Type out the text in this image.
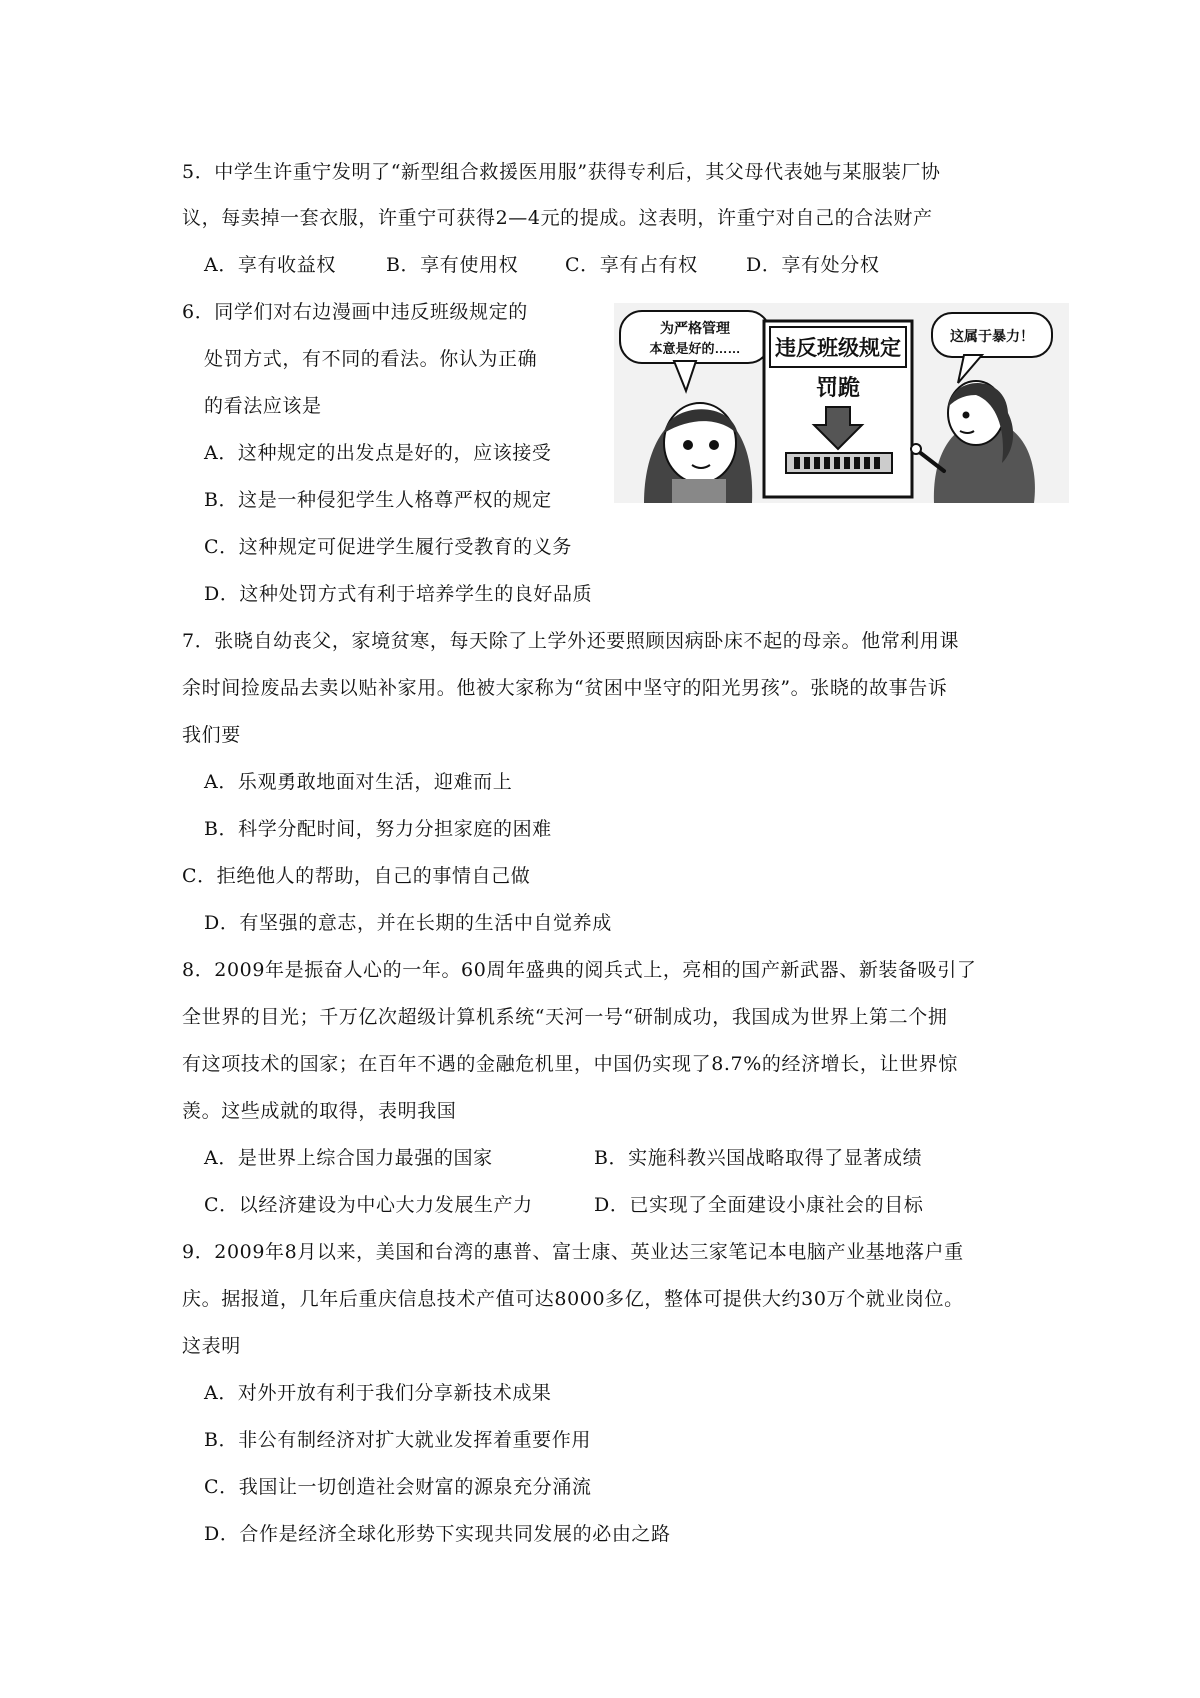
5．中学生许重宁发明了“新型组合救援医用服”获得专利后，其父母代表她与某服装厂协
议，每卖掉一套衣服，许重宁可获得2—4元的提成。这表明，许重宁对自己的合法财产
A．享有收益权	B．享有使用权 C．享有占有权	D．享有处分权
6．同学们对右边漫画中违反班级规定的
处罚方式，有不同的看法。你认为正确
的看法应该是
A．这种规定的出发点是好的，应该接受
B．这是一种侵犯学生人格尊严权的规定
C．这种规定可促进学生履行受教育的义务
D．这种处罚方式有利于培养学生的良好品质
为严格管理
本意是好的…… 违反班级规定
罚跪
这属于暴力！
7．张晓自幼丧父，家境贫寒，每天除了上学外还要照顾因病卧床不起的母亲。他常利用课
余时间捡废品去卖以贴补家用。他被大家称为“贫困中坚守的阳光男孩”。张晓的故事告诉
我们要
A．乐观勇敢地面对生活，迎难而上
B．科学分配时间，努力分担家庭的困难
C．拒绝他人的帮助，自己的事情自己做
D．有坚强的意志，并在长期的生活中自觉养成
8．2009年是振奋人心的一年。60周年盛典的阅兵式上，亮相的国产新武器、新装备吸引了
全世界的目光；千万亿次超级计算机系统“天河一号“研制成功，我国成为世界上第二个拥
有这项技术的国家；在百年不遇的金融危机里，中国仍实现了8.7%的经济增长，让世界惊
羡。这些成就的取得，表明我国
A．是世界上综合国力最强的国家	B．实施科教兴国战略取得了显著成绩
C．以经济建设为中心大力发展生产力	D．已实现了全面建设小康社会的目标
9．2009年8月以来，美国和台湾的惠普、富士康、英业达三家笔记本电脑产业基地落户重
庆。据报道，几年后重庆信息技术产值可达8000多亿，整体可提供大约30万个就业岗位。
这表明
A．对外开放有利于我们分享新技术成果
B．非公有制经济对扩大就业发挥着重要作用
C．我国让一切创造社会财富的源泉充分涌流
D．合作是经济全球化形势下实现共同发展的必由之路
